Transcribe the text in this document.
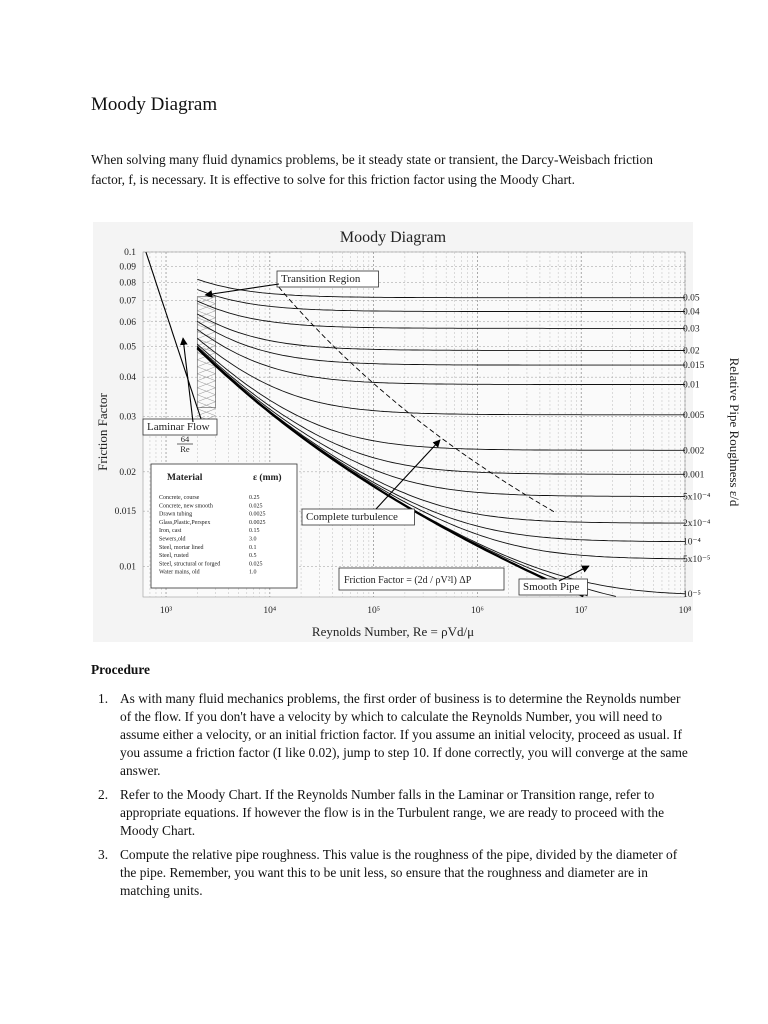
Moody Diagram
When solving many fluid dynamics problems, be it steady state or transient, the Darcy-Weisbach friction factor, f, is necessary. It is effective to solve for this friction factor using the Moody Chart.
0.1
0.09
0.08
0.07
0.06
0.05
0.04
0.03
0.02
0.015
0.01
10³	10⁴	10⁵	10⁶	10⁷	10⁸
Moody Diagram
Reynolds Number, Re = ρVd/μ
Friction Factor
0.05
0.04
0.03
0.02
0.015
0.01
0.005
0.002
0.001
5x10⁻⁴
2x10⁻⁴
10⁻⁴
5x10⁻⁵
10⁻⁵
Transition Region
Laminar Flow
64
Re
Complete turbulence
Smooth Pipe
Friction Factor = (2d / ρV²l) ΔP
Relative Pipe Roughness ε/d
Material	ε (mm)
Concrete, course	0.25
Concrete, new smooth	0.025
Drawn tubing	0.0025
Glass,Plastic,Perspex	0.0025
Iron, cast	0.15
Sewers,old	3.0
Steel, mortar lined	0.1
Steel, rusted	0.5
Steel, structural or forged	0.025
Water mains, old	1.0
Procedure
1. As with many fluid mechanics problems, the first order of business is to determine the Reynolds number of the flow. If you don't have a velocity by which to calculate the Reynolds Number, you will need to assume either a velocity, or an initial friction factor. If you assume an initial velocity, proceed as usual. If you assume a friction factor (I like 0.02), jump to step 10. If done correctly, you will converge at the same answer.
2. Refer to the Moody Chart. If the Reynolds Number falls in the Laminar or Transition range, refer to appropriate equations. If however the flow is in the Turbulent range, we are ready to proceed with the Moody Chart.
3. Compute the relative pipe roughness. This value is the roughness of the pipe, divided by the diameter of the pipe. Remember, you want this to be unit less, so ensure that the roughness and diameter are in matching units.
